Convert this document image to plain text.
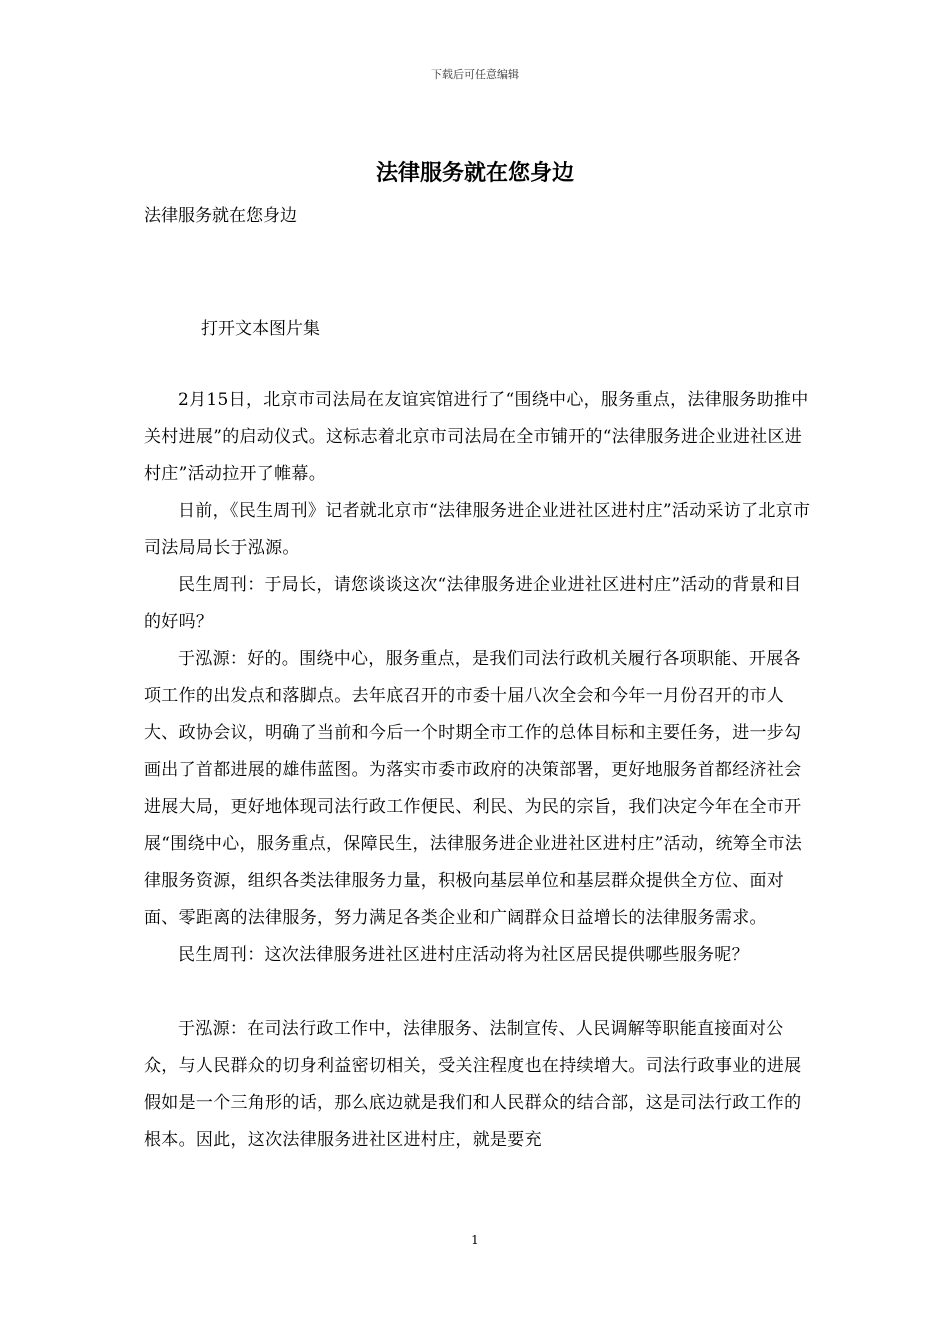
下载后可任意编辑
法律服务就在您身边
法律服务就在您身边
打开文本图片集

2月15日，北京市司法局在友谊宾馆进行了“围绕中心，服务重点，法律服务助推中关村进展”的启动仪式。这标志着北京市司法局在全市铺开的“法律服务进企业进社区进村庄”活动拉开了帷幕。

日前，《民生周刊》记者就北京市“法律服务进企业进社区进村庄”活动采访了北京市司法局局长于泓源。

民生周刊：于局长，请您谈谈这次“法律服务进企业进社区进村庄”活动的背景和目的好吗？

于泓源：好的。围绕中心，服务重点，是我们司法行政机关履行各项职能、开展各项工作的出发点和落脚点。去年底召开的市委十届八次全会和今年一月份召开的市人大、政协会议，明确了当前和今后一个时期全市工作的总体目标和主要任务，进一步勾画出了首都进展的雄伟蓝图。为落实市委市政府的决策部署，更好地服务首都经济社会进展大局，更好地体现司法行政工作便民、利民、为民的宗旨，我们决定今年在全市开展“围绕中心，服务重点，保障民生，法律服务进企业进社区进村庄”活动，统筹全市法律服务资源，组织各类法律服务力量，积极向基层单位和基层群众提供全方位、面对面、零距离的法律服务，努力满足各类企业和广阔群众日益增长的法律服务需求。

民生周刊：这次法律服务进社区进村庄活动将为社区居民提供哪些服务呢？

于泓源：在司法行政工作中，法律服务、法制宣传、人民调解等职能直接面对公众，与人民群众的切身利益密切相关，受关注程度也在持续增大。司法行政事业的进展假如是一个三角形的话，那么底边就是我们和人民群众的结合部，这是司法行政工作的根本。因此，这次法律服务进社区进村庄，就是要充

1
